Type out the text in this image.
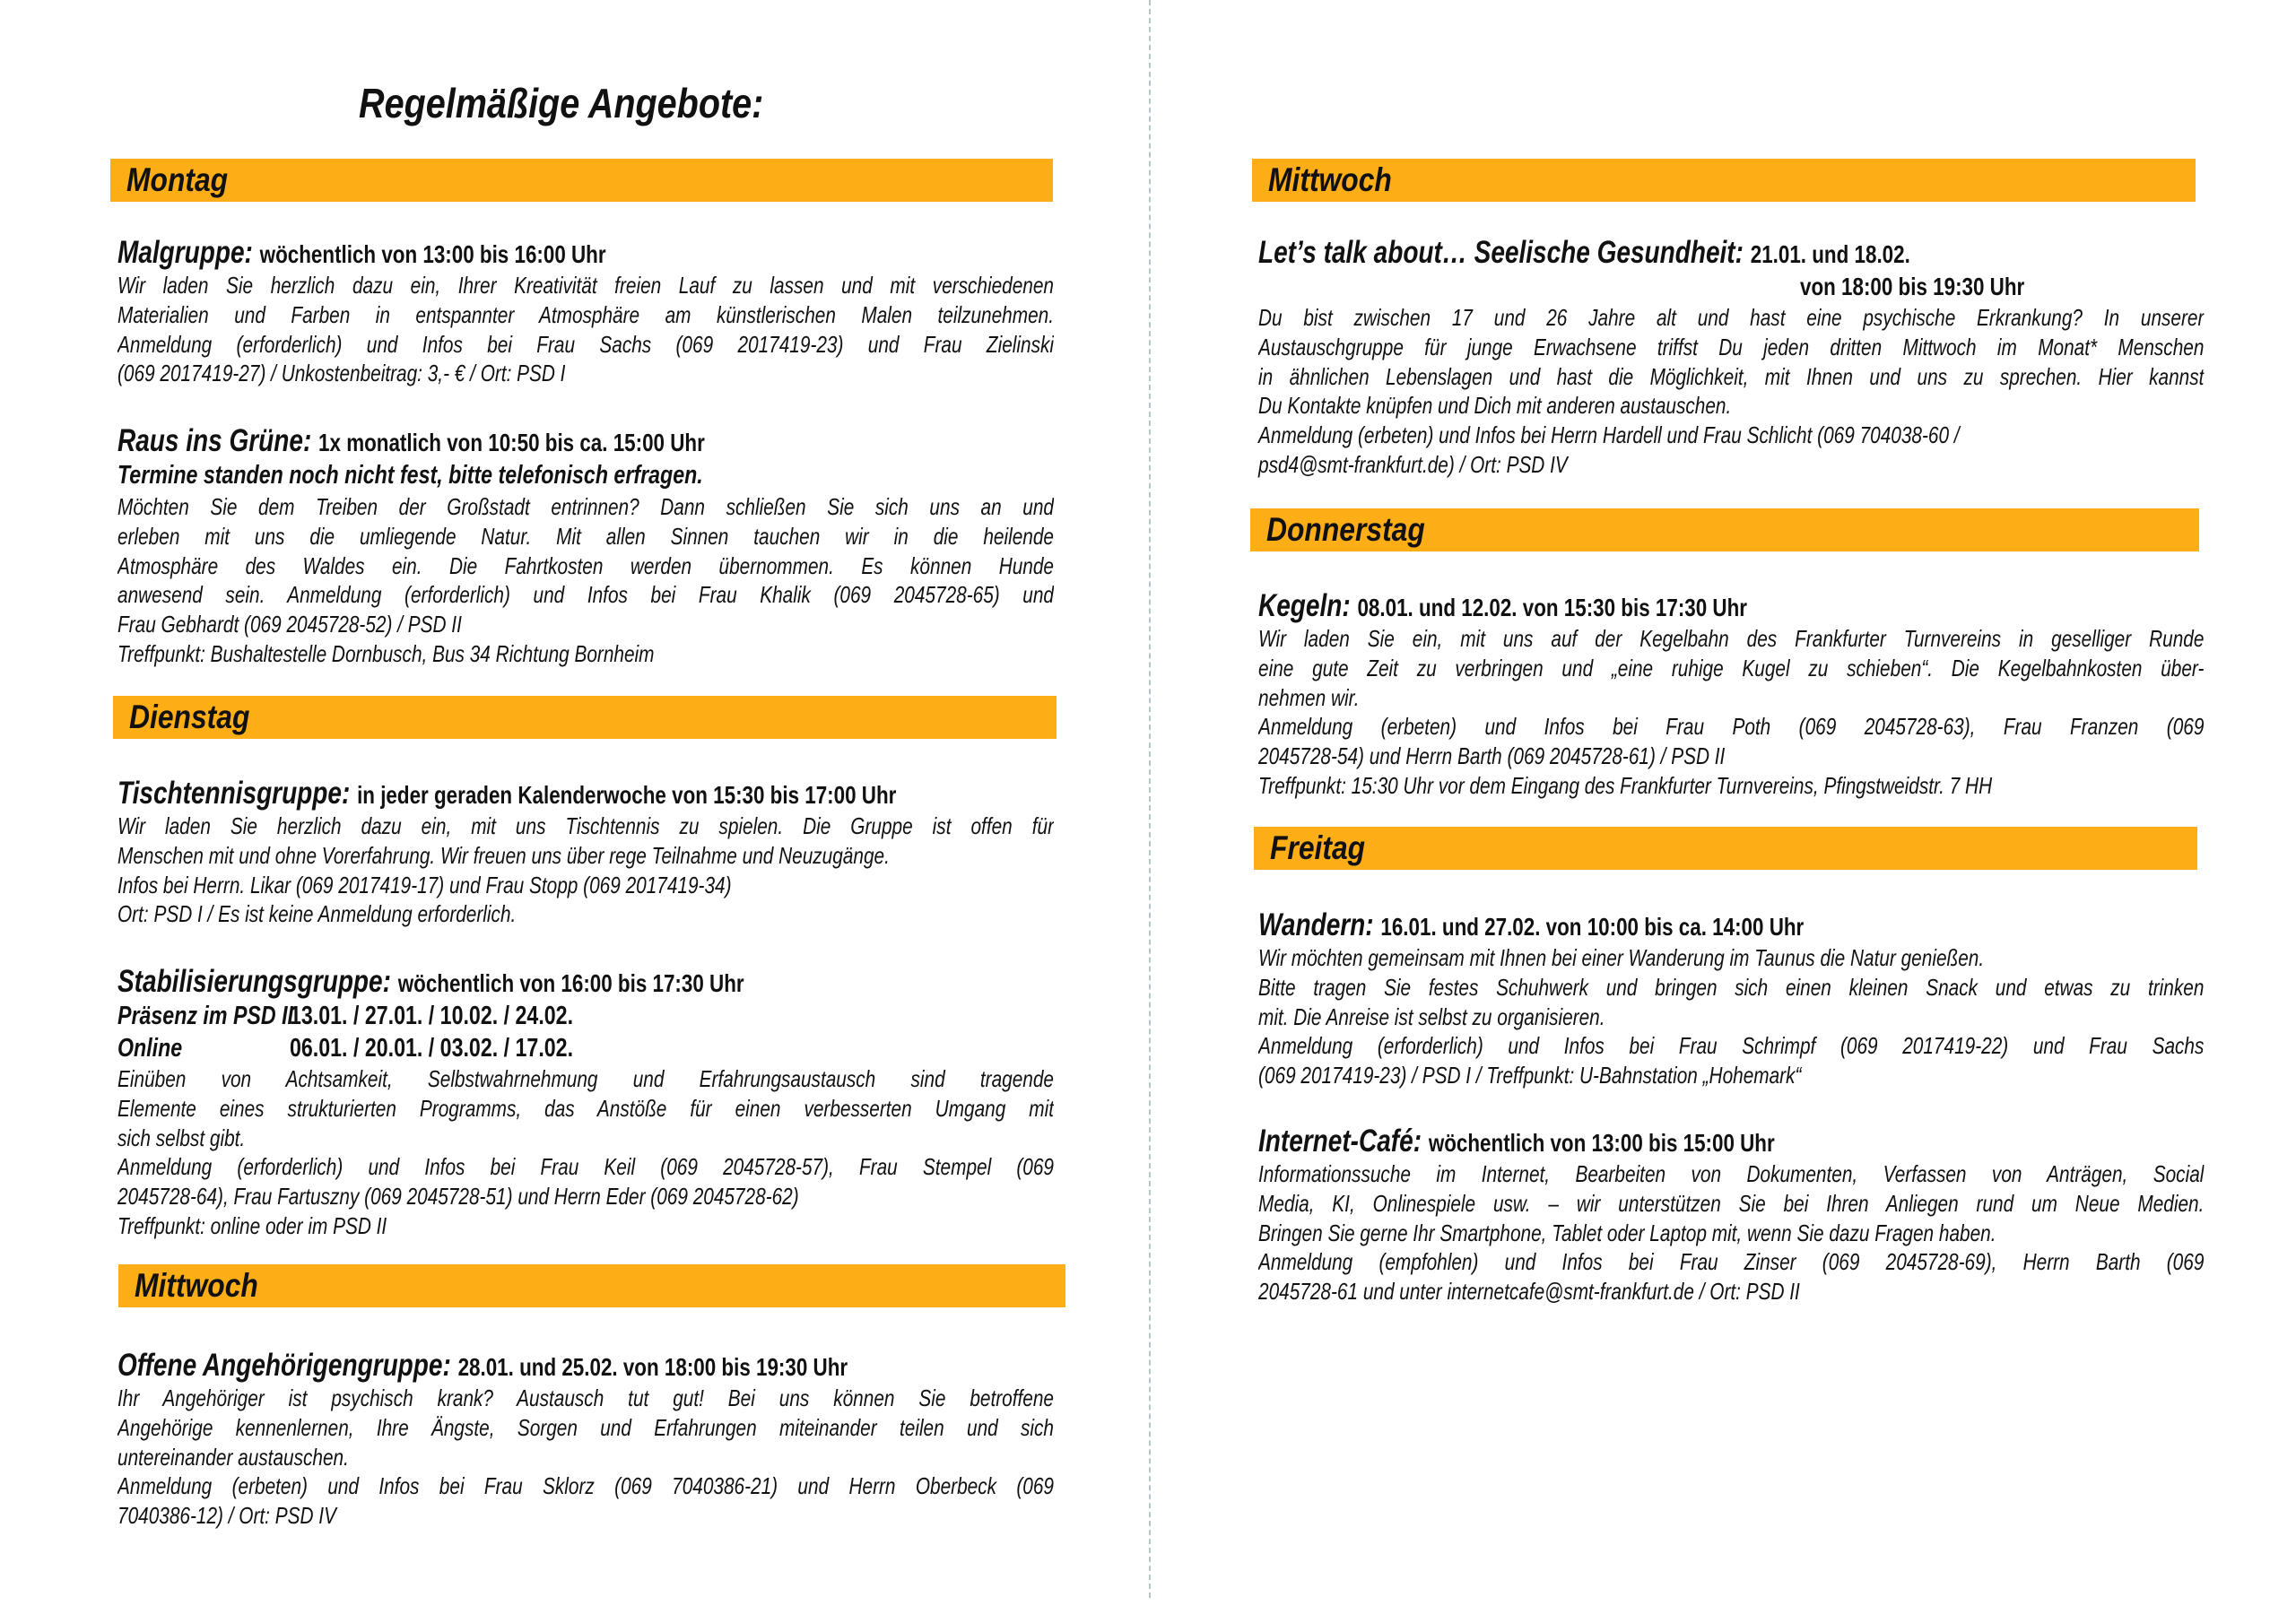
Regelmäßige Angebote:
Montag
Malgruppe: wöchentlich von 13:00 bis 16:00 Uhr
Wir laden Sie herzlich dazu ein, Ihrer Kreativität freien Lauf zu lassen und mit verschiedenen
Materialien und Farben in entspannter Atmosphäre am künstlerischen Malen teilzunehmen.
Anmeldung (erforderlich) und Infos bei Frau Sachs (069 2017419-23) und Frau Zielinski
(069 2017419-27) / Unkostenbeitrag: 3,- € / Ort: PSD I
Raus ins Grüne: 1x monatlich von 10:50 bis ca. 15:00 Uhr
Termine standen noch nicht fest, bitte telefonisch erfragen.
Möchten Sie dem Treiben der Großstadt entrinnen? Dann schließen Sie sich uns an und
erleben mit uns die umliegende Natur. Mit allen Sinnen tauchen wir in die heilende
Atmosphäre des Waldes ein. Die Fahrtkosten werden übernommen. Es können Hunde
anwesend sein. Anmeldung (erforderlich) und Infos bei Frau Khalik (069 2045728-65) und
Frau Gebhardt (069 2045728-52) / PSD II
Treffpunkt: Bushaltestelle Dornbusch, Bus 34 Richtung Bornheim
Dienstag
Tischtennisgruppe: in jeder geraden Kalenderwoche von 15:30 bis 17:00 Uhr
Wir laden Sie herzlich dazu ein, mit uns Tischtennis zu spielen. Die Gruppe ist offen für
Menschen mit und ohne Vorerfahrung. Wir freuen uns über rege Teilnahme und Neuzugänge.
Infos bei Herrn. Likar (069 2017419-17) und Frau Stopp (069 2017419-34)
Ort: PSD I / Es ist keine Anmeldung erforderlich.
Stabilisierungsgruppe: wöchentlich von 16:00 bis 17:30 Uhr
Präsenz im PSD II13.01. / 27.01. / 10.02. / 24.02.
Online	06.01. / 20.01. / 03.02. / 17.02.
Einüben von Achtsamkeit, Selbstwahrnehmung und Erfahrungsaustausch sind tragende
Elemente eines strukturierten Programms, das Anstöße für einen verbesserten Umgang mit
sich selbst gibt.
Anmeldung (erforderlich) und Infos bei Frau Keil (069 2045728-57), Frau Stempel (069
2045728-64), Frau Fartuszny (069 2045728-51) und Herrn Eder (069 2045728-62)
Treffpunkt: online oder im PSD II
Mittwoch
Offene Angehörigengruppe: 28.01. und 25.02. von 18:00 bis 19:30 Uhr
Ihr Angehöriger ist psychisch krank? Austausch tut gut! Bei uns können Sie betroffene
Angehörige kennenlernen, Ihre Ängste, Sorgen und Erfahrungen miteinander teilen und sich
untereinander austauschen.
Anmeldung (erbeten) und Infos bei Frau Sklorz (069 7040386-21) und Herrn Oberbeck (069
7040386-12) / Ort: PSD IV
Mittwoch
Let’s talk about… Seelische Gesundheit: 21.01. und 18.02.
von 18:00 bis 19:30 Uhr
Du bist zwischen 17 und 26 Jahre alt und hast eine psychische Erkrankung? In unserer
Austauschgruppe für junge Erwachsene triffst Du jeden dritten Mittwoch im Monat* Menschen
in ähnlichen Lebenslagen und hast die Möglichkeit, mit Ihnen und uns zu sprechen. Hier kannst
Du Kontakte knüpfen und Dich mit anderen austauschen.
Anmeldung (erbeten) und Infos bei Herrn Hardell und Frau Schlicht (069 704038-60 /
psd4@smt-frankfurt.de) / Ort: PSD IV
Donnerstag
Kegeln: 08.01. und 12.02. von 15:30 bis 17:30 Uhr
Wir laden Sie ein, mit uns auf der Kegelbahn des Frankfurter Turnvereins in geselliger Runde
eine gute Zeit zu verbringen und „eine ruhige Kugel zu schieben“. Die Kegelbahnkosten über-
nehmen wir.
Anmeldung (erbeten) und Infos bei Frau Poth (069 2045728-63), Frau Franzen (069
2045728-54) und Herrn Barth (069 2045728-61) / PSD II
Treffpunkt: 15:30 Uhr vor dem Eingang des Frankfurter Turnvereins, Pfingstweidstr. 7 HH
Freitag
Wandern: 16.01. und 27.02. von 10:00 bis ca. 14:00 Uhr
Wir möchten gemeinsam mit Ihnen bei einer Wanderung im Taunus die Natur genießen.
Bitte tragen Sie festes Schuhwerk und bringen sich einen kleinen Snack und etwas zu trinken
mit. Die Anreise ist selbst zu organisieren.
Anmeldung (erforderlich) und Infos bei Frau Schrimpf (069 2017419-22) und Frau Sachs
(069 2017419-23) / PSD I / Treffpunkt: U-Bahnstation „Hohemark“
Internet-Café: wöchentlich von 13:00 bis 15:00 Uhr
Informationssuche im Internet, Bearbeiten von Dokumenten, Verfassen von Anträgen, Social
Media, KI, Onlinespiele usw. – wir unterstützen Sie bei Ihren Anliegen rund um Neue Medien.
Bringen Sie gerne Ihr Smartphone, Tablet oder Laptop mit, wenn Sie dazu Fragen haben.
Anmeldung (empfohlen) und Infos bei Frau Zinser (069 2045728-69), Herrn Barth (069
2045728-61 und unter internetcafe@smt-frankfurt.de / Ort: PSD II
